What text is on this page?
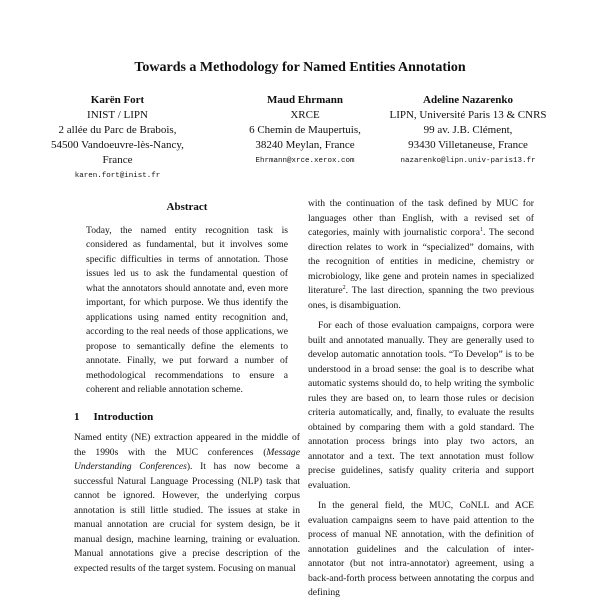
Towards a Methodology for Named Entities Annotation
Karën Fort
INIST / LIPN
2 allée du Parc de Brabois,
54500 Vandoeuvre-lès-Nancy, France
karen.fort@inist.fr
Maud Ehrmann
XRCE
6 Chemin de Maupertuis,
38240 Meylan, France
Ehrmann@xrce.xerox.com
Adeline Nazarenko
LIPN, Université Paris 13 & CNRS
99 av. J.B. Clément,
93430 Villetaneuse, France
nazarenko@lipn.univ-paris13.fr
Abstract

Today, the named entity recognition task is considered as fundamental, but it involves some specific difficulties in terms of annotation. Those issues led us to ask the fundamental question of what the annotators should annotate and, even more important, for which purpose. We thus identify the applications using named entity recognition and, according to the real needs of those applications, we propose to semantically define the elements to annotate. Finally, we put forward a number of methodological recommendations to ensure a coherent and reliable annotation scheme.

1 Introduction

Named entity (NE) extraction appeared in the middle of the 1990s with the MUC conferences (Message Understanding Conferences). It has now become a successful Natural Language Processing (NLP) task that cannot be ignored. However, the underlying corpus annotation is still little studied. The issues at stake in manual annotation are crucial for system design, be it manual design, machine learning, training or evaluation. Manual annotations give a precise description of the expected results of the target system. Focusing on manual

with the continuation of the task defined by MUC for languages other than English, with a revised set of categories, mainly with journalistic corpora$^1$. The second direction relates to work in “specialized” domains, with the recognition of entities in medicine, chemistry or microbiology, like gene and protein names in specialized literature$^2$. The last direction, spanning the two previous ones, is disambiguation.

For each of those evaluation campaigns, corpora were built and annotated manually. They are generally used to develop automatic annotation tools. “To Develop” is to be understood in a broad sense: the goal is to describe what automatic systems should do, to help writing the symbolic rules they are based on, to learn those rules or decision criteria automatically, and, finally, to evaluate the results obtained by comparing them with a gold standard. The annotation process brings into play two actors, an annotator and a text. The text annotation must follow precise guidelines, satisfy quality criteria and support evaluation.

In the general field, the MUC, CoNLL and ACE evaluation campaigns seem to have paid attention to the process of manual NE annotation, with the definition of annotation guidelines and the calculation of inter-annotator (but not intra-annotator) agreement, using a back-and-forth process between annotating the corpus and defining
